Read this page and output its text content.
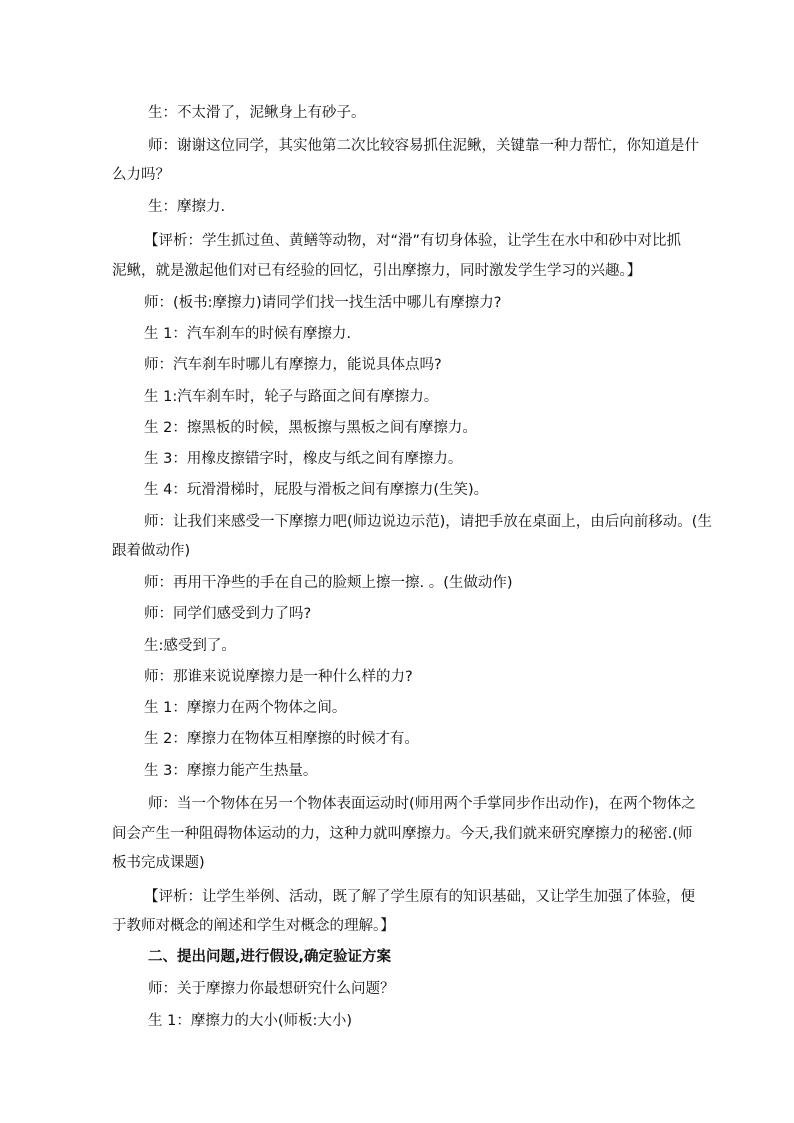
生：不太滑了，泥鳅身上有砂子。
师：谢谢这位同学，其实他第二次比较容易抓住泥鳅，关键靠一种力帮忙，你知道是什
么力吗？
生：摩擦力.
【评析：学生抓过鱼、黄鳝等动物，对“滑”有切身体验，让学生在水中和砂中对比抓
泥鳅，就是激起他们对已有经验的回忆，引出摩擦力，同时激发学生学习的兴趣。】
师：(板书:摩擦力)请同学们找一找生活中哪儿有摩擦力?
生 1：汽车刹车的时候有摩擦力.
师：汽车刹车时哪儿有摩擦力，能说具体点吗?
生 1:汽车刹车时，轮子与路面之间有摩擦力。
生 2：擦黑板的时候，黑板擦与黑板之间有摩擦力。
生 3：用橡皮擦错字时，橡皮与纸之间有摩擦力。
生 4：玩滑滑梯时，屁股与滑板之间有摩擦力(生笑)。
师：让我们来感受一下摩擦力吧(师边说边示范)，请把手放在桌面上，由后向前移动。(生
跟着做动作)
师：再用干净些的手在自己的脸颊上擦一擦. 。(生做动作)
师：同学们感受到力了吗?
生:感受到了。
师：那谁来说说摩擦力是一种什么样的力?
生 1：摩擦力在两个物体之间。
生 2：摩擦力在物体互相摩擦的时候才有。
生 3：摩擦力能产生热量。
师：当一个物体在另一个物体表面运动时(师用两个手掌同步作出动作)，在两个物体之
间会产生一种阻碍物体运动的力，这种力就叫摩擦力。今天,我们就来研究摩擦力的秘密.(师
板书完成课题)
【评析：让学生举例、活动，既了解了学生原有的知识基础，又让学生加强了体验，便
于教师对概念的阐述和学生对概念的理解。】
二、提出问题,进行假设,确定验证方案
师：关于摩擦力你最想研究什么问题？
生 1：摩擦力的大小(师板:大小)
